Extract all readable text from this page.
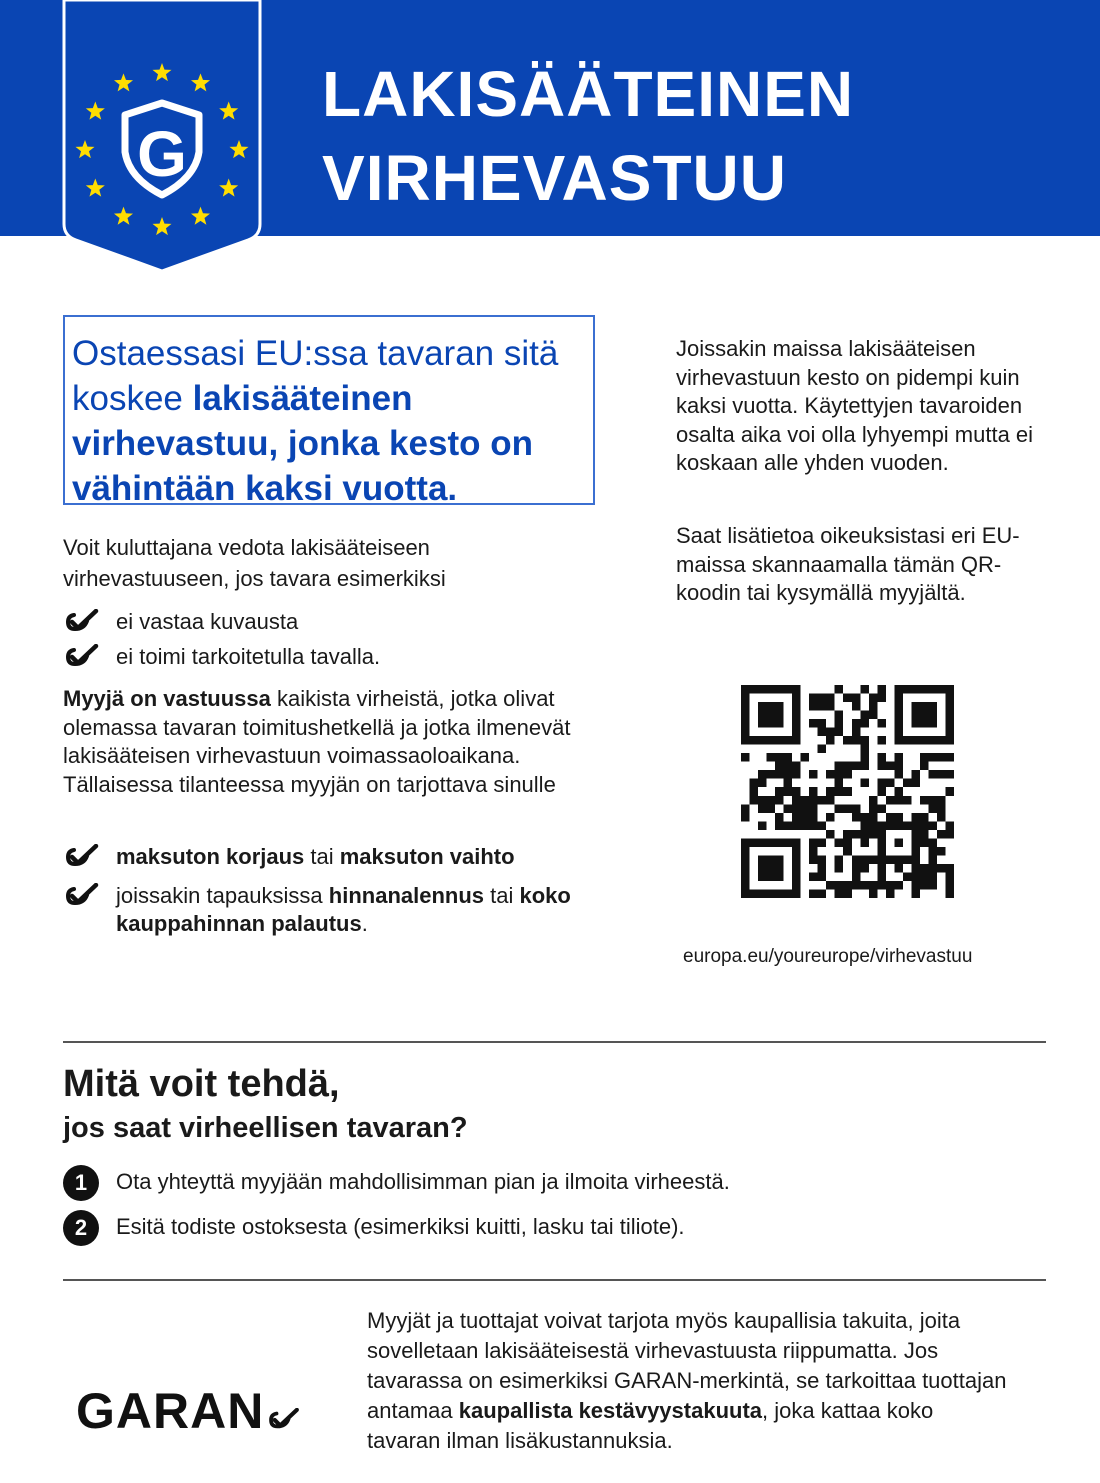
G
LAKISÄÄTEINEN
VIRHEVASTUU
Ostaessasi EU:ssa tavaran sitä koskee lakisääteinen virhevastuu, jonka kesto on vähintään kaksi vuotta.

Voit kuluttajana vedota lakisääteiseen virhevastuuseen, jos tavara esimerkiksi

ei vastaa kuvausta
ei toimi tarkoitetulla tavalla.

Myyjä on vastuussa kaikista virheistä, jotka olivat olemassa tavaran toimitushetkellä ja jotka ilmenevät lakisääteisen virhevastuun voimassaoloaikana. Tällaisessa tilanteessa myyjän on tarjottava sinulle

maksuton korjaus tai maksuton vaihto
joissakin tapauksissa hinnanalennus tai koko kauppahinnan palautus.

Joissakin maissa lakisääteisen virhevastuun kesto on pidempi kuin kaksi vuotta. Käytettyjen tavaroiden osalta aika voi olla lyhyempi mutta ei koskaan alle yhden vuoden.

Saat lisätietoa oikeuksistasi eri EU-maissa skannaamalla tämän QR-koodin tai kysymällä myyjältä.

europa.eu/youreurope/virhevastuu

Mitä voit tehdä,
jos saat virheellisen tavaran?
1	Ota yhteyttä myyjään mahdollisimman pian ja ilmoita virheestä.
2	Esitä todiste ostoksesta (esimerkiksi kuitti, lasku tai tiliote).
GARAN

Myyjät ja tuottajat voivat tarjota myös kaupallisia takuita, joita sovelletaan lakisääteisestä virhevastuusta riippumatta. Jos tavarassa on esimerkiksi GARAN-merkintä, se tarkoittaa tuottajan antamaa kaupallista kestävyystakuuta, joka kattaa koko tavaran ilman lisäkustannuksia.
